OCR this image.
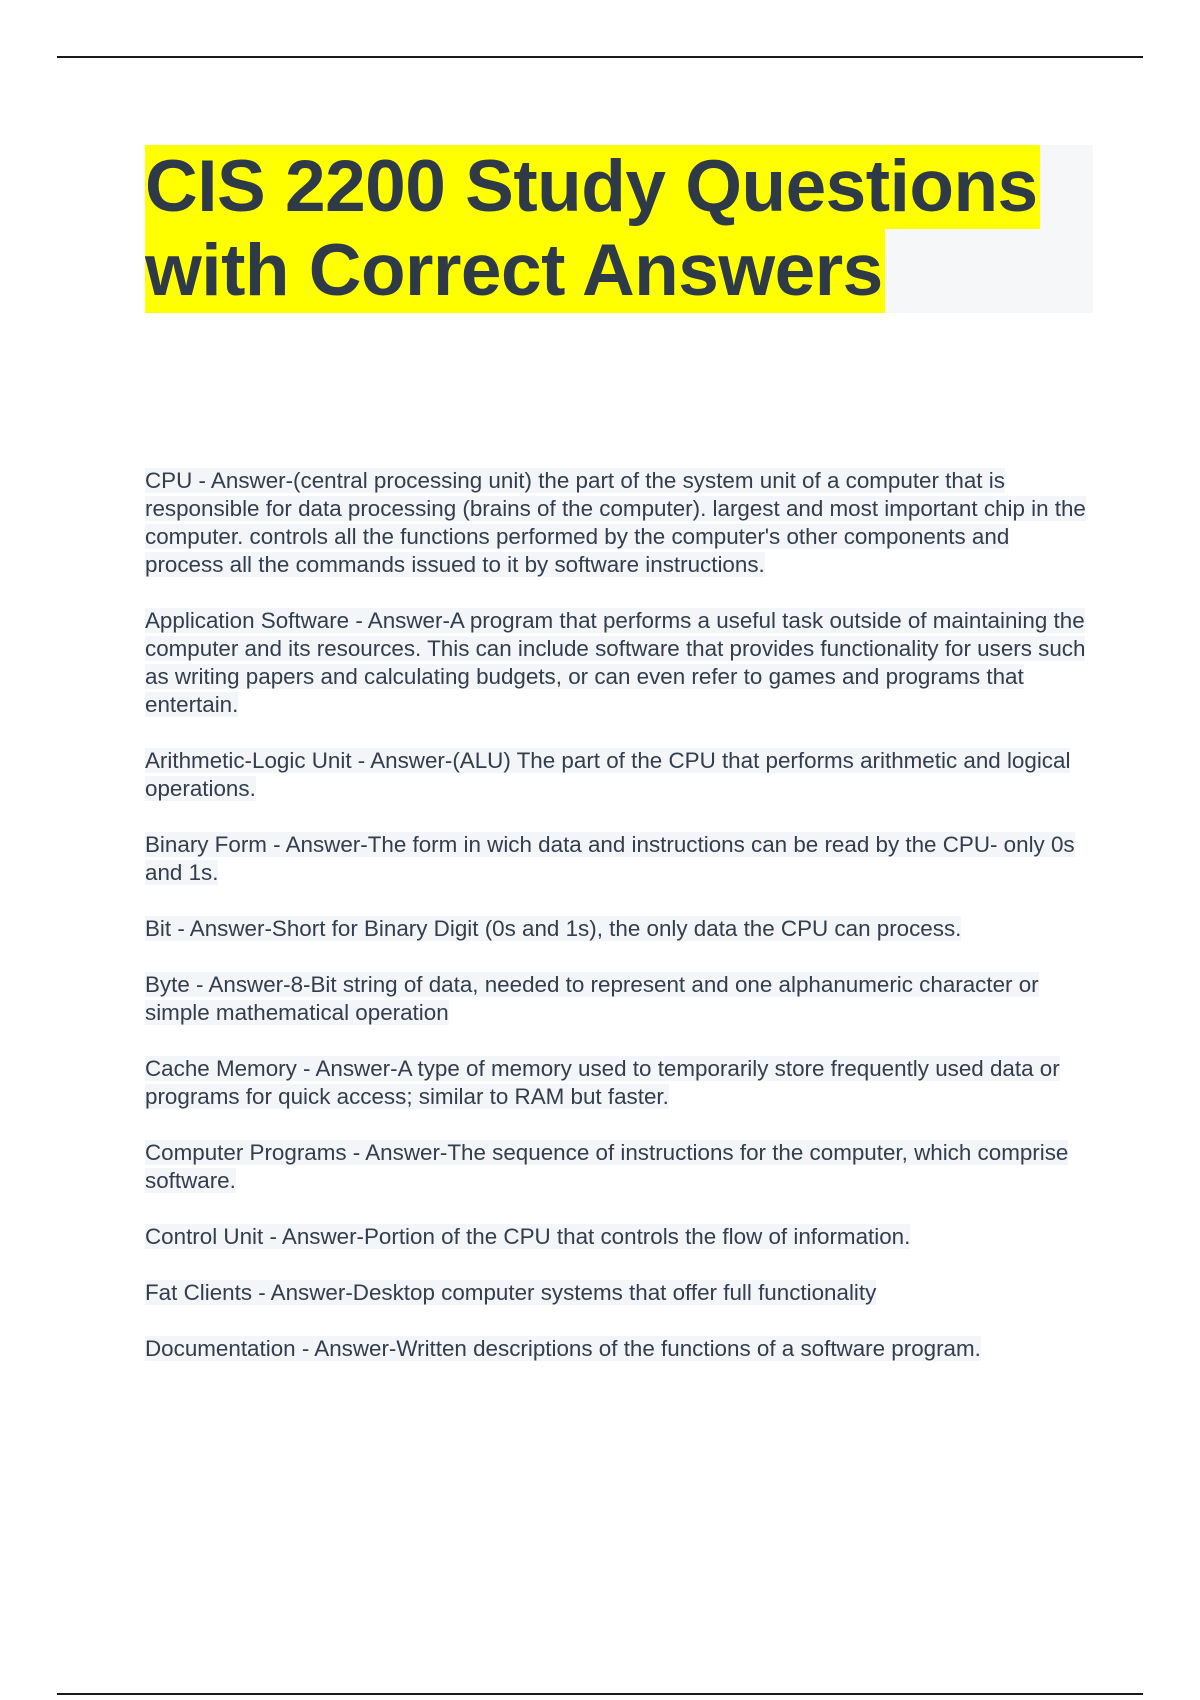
CIS 2200 Study Questions
with Correct Answers

CPU - Answer-(central processing unit) the part of the system unit of a computer that is responsible for data processing (brains of the computer). largest and most important chip in the computer. controls all the functions performed by the computer's other components and process all the commands issued to it by software instructions.

Application Software - Answer-A program that performs a useful task outside of maintaining the computer and its resources. This can include software that provides functionality for users such as writing papers and calculating budgets, or can even refer to games and programs that entertain.

Arithmetic-Logic Unit - Answer-(ALU) The part of the CPU that performs arithmetic and logical operations.

Binary Form - Answer-The form in wich data and instructions can be read by the CPU- only 0s and 1s.

Bit - Answer-Short for Binary Digit (0s and 1s), the only data the CPU can process.

Byte - Answer-8-Bit string of data, needed to represent and one alphanumeric character or simple mathematical operation

Cache Memory - Answer-A type of memory used to temporarily store frequently used data or programs for quick access; similar to RAM but faster.

Computer Programs - Answer-The sequence of instructions for the computer, which comprise software.

Control Unit - Answer-Portion of the CPU that controls the flow of information.

Fat Clients - Answer-Desktop computer systems that offer full functionality

Documentation - Answer-Written descriptions of the functions of a software program.
